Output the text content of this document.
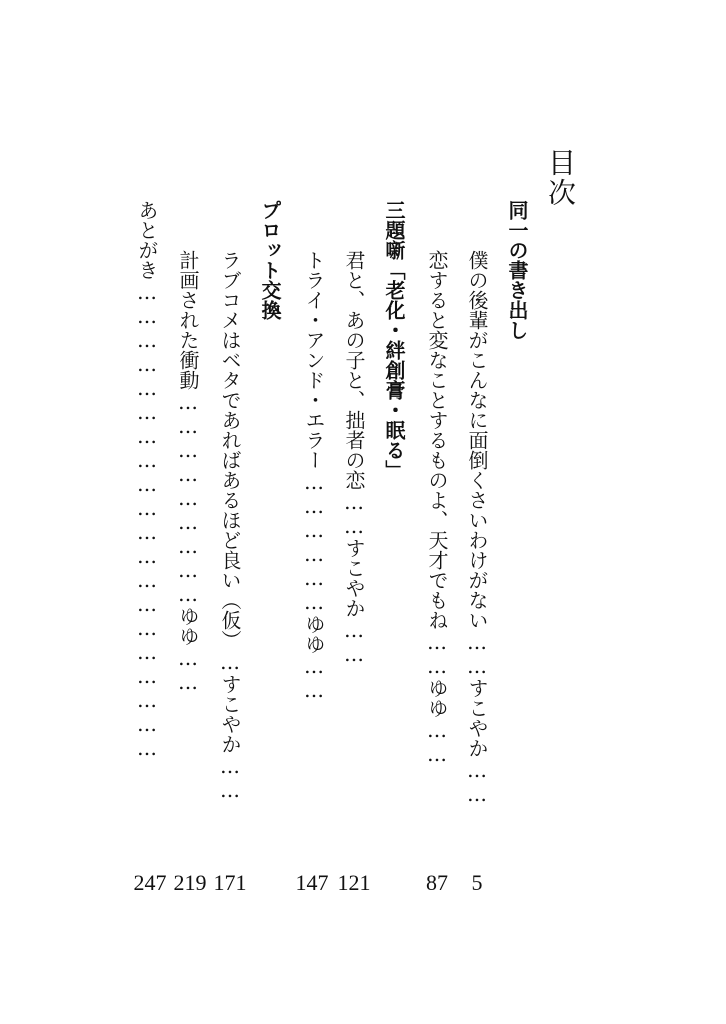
目次
同一の書き出し
僕の後輩がこんなに面倒くさいわけがない……すこやか……
恋すると変なことするものよ、天才でもね……ゆゆ……
三題噺「老化・絆創膏・眠る」
君と、あの子と、拙者の恋……すこやか……
トライ・アンド・エラー………………ゆゆ……
プロット交換
ラブコメはベタであればあるほど良い（仮）…すこやか……
計画された衝動………………………ゆゆ……
あとがき……………………………………………………
5
87
121
147
171
219
247
